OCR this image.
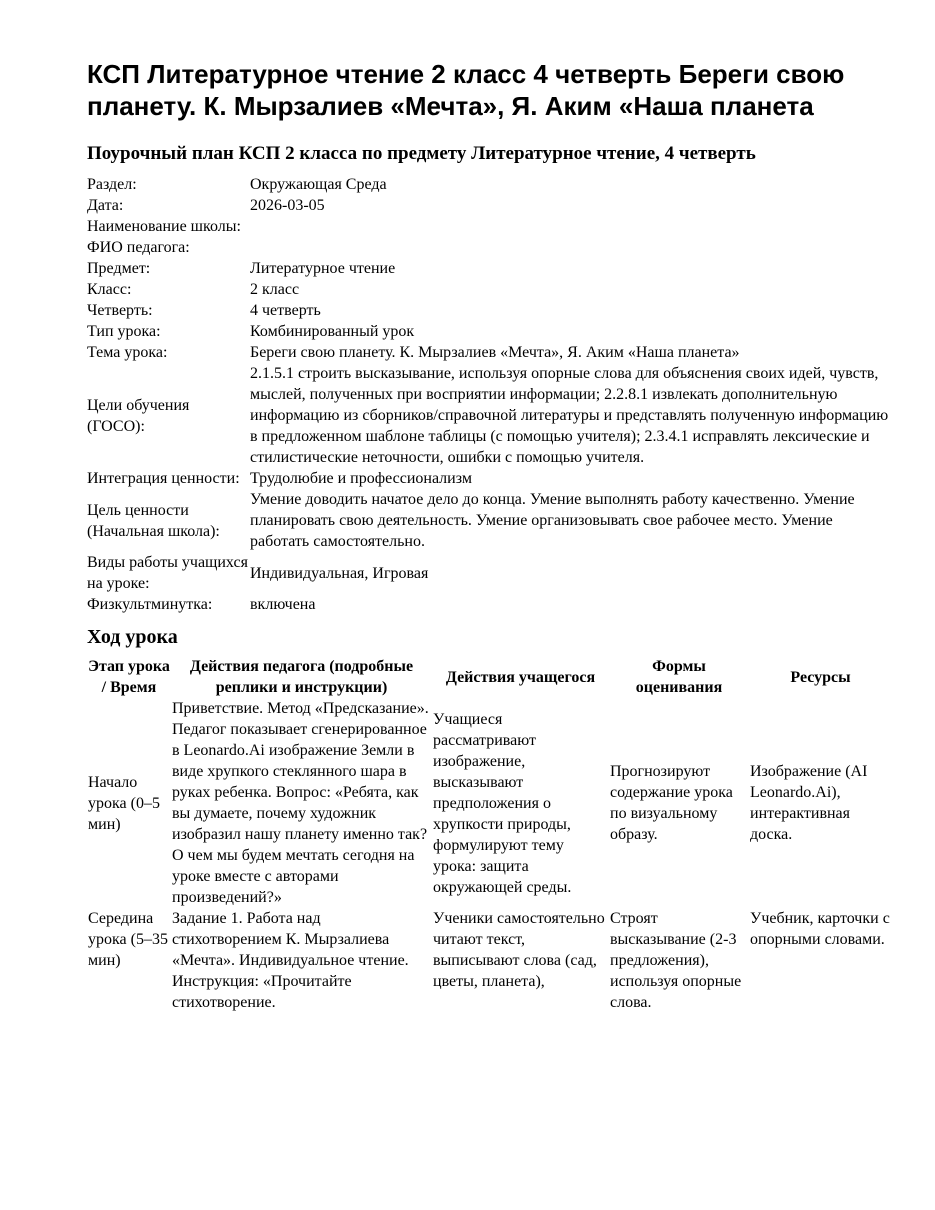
КСП Литературное чтение 2 класс 4 четверть Береги свою планету. К. Мырзалиев «Мечта», Я. Аким «Наша планета
Поурочный план КСП 2 класса по предмету Литературное чтение, 4 четверть
Раздел:	Окружающая Среда
Дата:	2026-03-05
Наименование школы:	
ФИО педагога:	
Предмет:	Литературное чтение
Класс:	2 класс
Четверть:	4 четверть
Тип урока:	Комбинированный урок
Тема урока:	Береги свою планету. К. Мырзалиев «Мечта», Я. Аким «Наша планета»
Цели обучения (ГОСО):	2.1.5.1 строить высказывание, используя опорные слова для объяснения своих идей, чувств, мыслей, полученных при восприятии информации; 2.2.8.1 извлекать дополнительную информацию из сборников/справочной литературы и представлять полученную информацию в предложенном шаблоне таблицы (с помощью учителя); 2.3.4.1 исправлять лексические и стилистические неточности, ошибки с помощью учителя.
Интеграция ценности:	Трудолюбие и профессионализм
Цель ценности (Начальная школа):	Умение доводить начатое дело до конца. Умение выполнять работу качественно. Умение планировать свою деятельность. Умение организовывать свое рабочее место. Умение работать самостоятельно.
Виды работы учащихся на уроке:	Индивидуальная, Игровая
Физкультминутка:	включена
Ход урока
Этап урока / Время	Действия педагога (подробные реплики и инструкции)	Действия учащегося	Формы оценивания	Ресурсы
Начало урока (0–5 мин)	Приветствие. Метод «Предсказание». Педагог показывает сгенерированное в Leonardo.Ai изображение Земли в виде хрупкого стеклянного шара в руках ребенка. Вопрос: «Ребята, как вы думаете, почему художник изобразил нашу планету именно так? О чем мы будем мечтать сегодня на уроке вместе с авторами произведений?»	Учащиеся рассматривают изображение, высказывают предположения о хрупкости природы, формулируют тему урока: защита окружающей среды.	Прогнозируют содержание урока по визуальному образу.	Изображение (AI Leonardo.Ai), интерактивная доска.
Середина урока (5–35 мин)	Задание 1. Работа над стихотворением К. Мырзалиева «Мечта». Индивидуальное чтение. Инструкция: «Прочитайте стихотворение.	Ученики самостоятельно читают текст, выписывают слова (сад, цветы, планета),	Строят высказывание (2-3 предложения), используя опорные слова.	Учебник, карточки с опорными словами.
